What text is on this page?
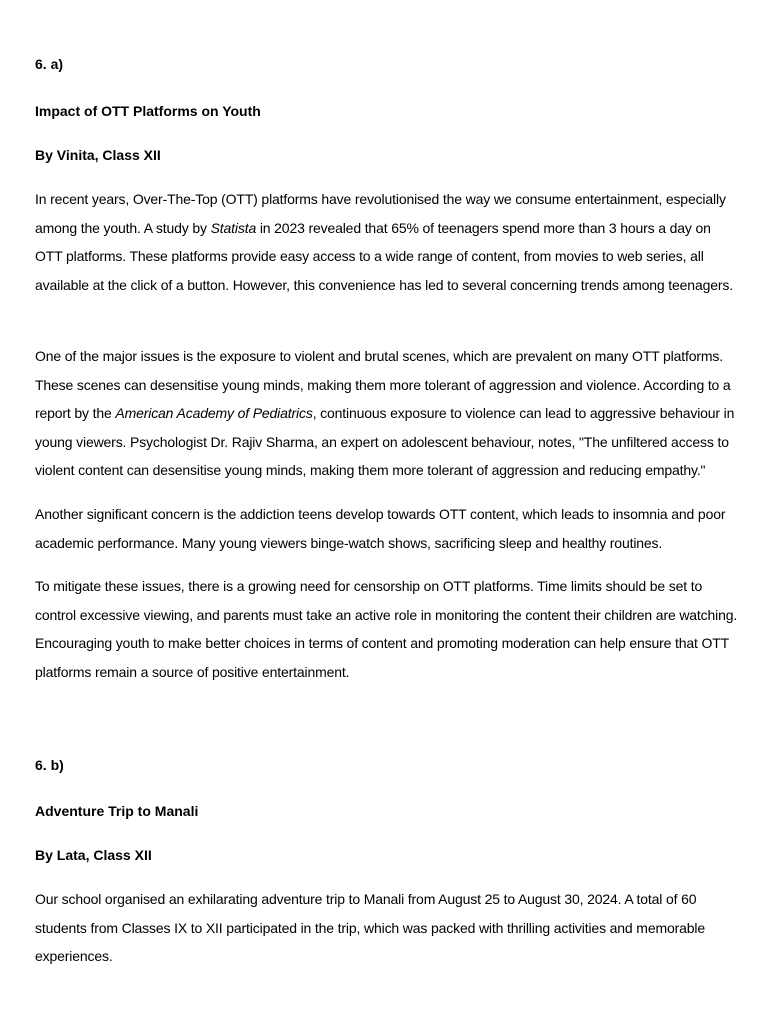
6. a)

Impact of OTT Platforms on Youth

By Vinita, Class XII

In recent years, Over-The-Top (OTT) platforms have revolutionised the way we consume entertainment, especially among the youth. A study by Statista in 2023 revealed that 65% of teenagers spend more than 3 hours a day on OTT platforms. These platforms provide easy access to a wide range of content, from movies to web series, all available at the click of a button. However, this convenience has led to several concerning trends among teenagers.

One of the major issues is the exposure to violent and brutal scenes, which are prevalent on many OTT platforms. These scenes can desensitise young minds, making them more tolerant of aggression and violence. According to a report by the American Academy of Pediatrics, continuous exposure to violence can lead to aggressive behaviour in young viewers. Psychologist Dr. Rajiv Sharma, an expert on adolescent behaviour, notes, "The unfiltered access to violent content can desensitise young minds, making them more tolerant of aggression and reducing empathy."

Another significant concern is the addiction teens develop towards OTT content, which leads to insomnia and poor academic performance. Many young viewers binge-watch shows, sacrificing sleep and healthy routines.

To mitigate these issues, there is a growing need for censorship on OTT platforms. Time limits should be set to control excessive viewing, and parents must take an active role in monitoring the content their children are watching. Encouraging youth to make better choices in terms of content and promoting moderation can help ensure that OTT platforms remain a source of positive entertainment.

6. b)

Adventure Trip to Manali

By Lata, Class XII

Our school organised an exhilarating adventure trip to Manali from August 25 to August 30, 2024. A total of 60 students from Classes IX to XII participated in the trip, which was packed with thrilling activities and memorable experiences.
